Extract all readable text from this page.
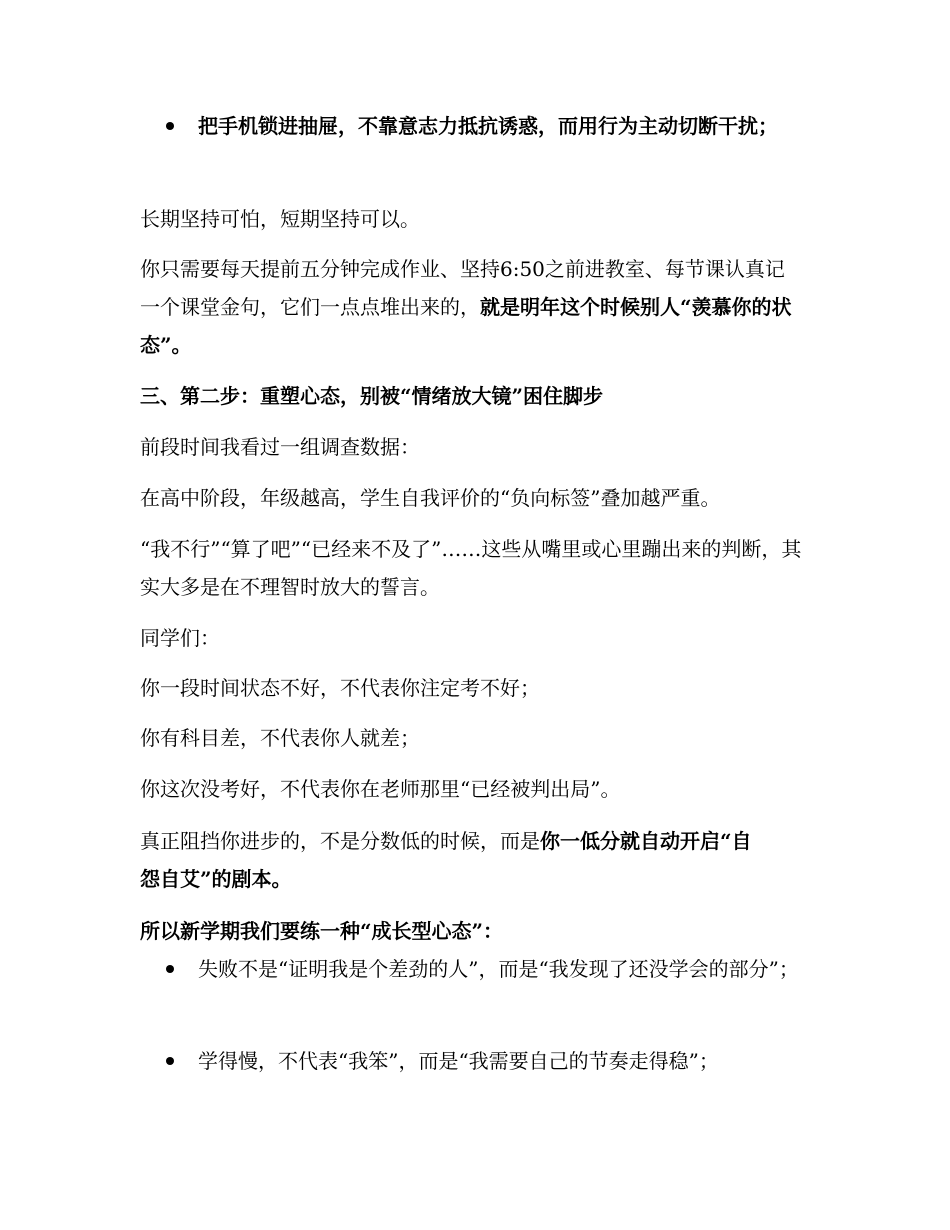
把手机锁进抽屉，不靠意志力抵抗诱惑，而用行为主动切断干扰；

长期坚持可怕，短期坚持可以。

你只需要每天提前五分钟完成作业、坚持6:50之前进教室、每节课认真记一个课堂金句，它们一点点堆出来的，就是明年这个时候别人“羡慕你的状态”。

三、第二步：重塑心态，别被“情绪放大镜”困住脚步

前段时间我看过一组调查数据：

在高中阶段，年级越高，学生自我评价的“负向标签”叠加越严重。

“我不行”“算了吧”“已经来不及了”……这些从嘴里或心里蹦出来的判断，其实大多是在不理智时放大的誓言。

同学们：

你一段时间状态不好，不代表你注定考不好；

你有科目差，不代表你人就差；

你这次没考好，不代表你在老师那里“已经被判出局”。

真正阻挡你进步的，不是分数低的时候，而是你一低分就自动开启“自怨自艾”的剧本。

所以新学期我们要练一种“成长型心态”：

失败不是“证明我是个差劲的人”，而是“我发现了还没学会的部分”；
学得慢，不代表“我笨”，而是“我需要自己的节奏走得稳”；
